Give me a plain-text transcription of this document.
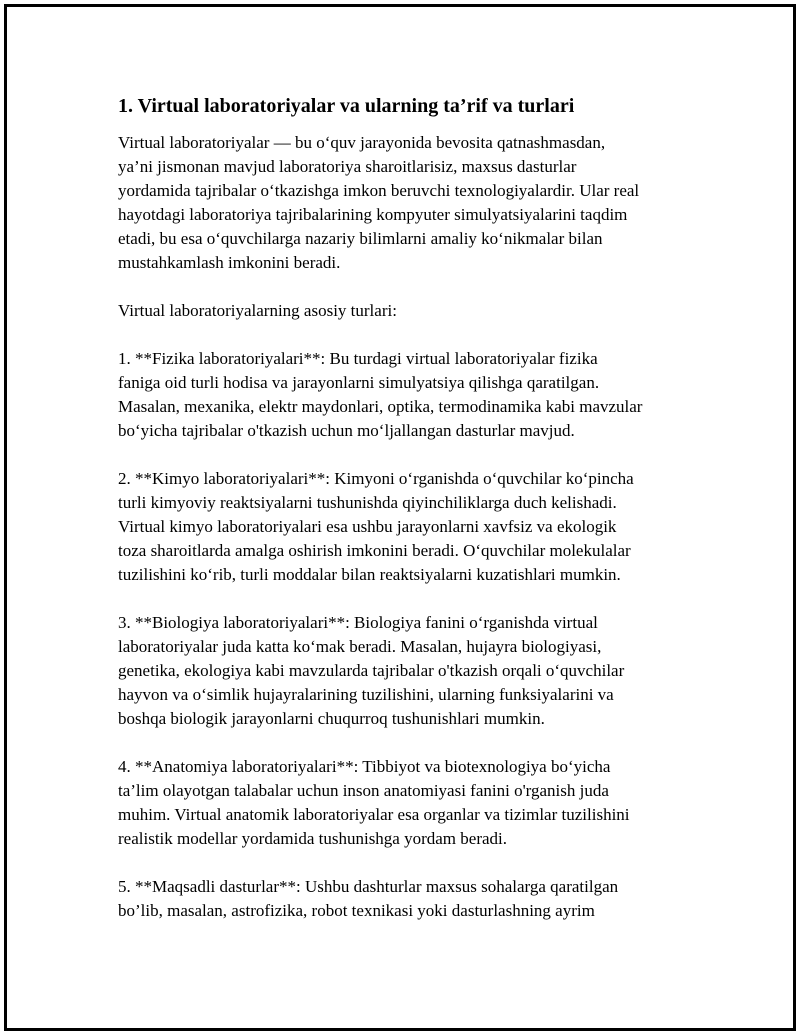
1. Virtual laboratoriyalar va ularning ta’rif va turlari
Virtual laboratoriyalar — bu o‘quv jarayonida bevosita qatnashmasdan,
ya’ni jismonan mavjud laboratoriya sharoitlarisiz, maxsus dasturlar
yordamida tajribalar o‘tkazishga imkon beruvchi texnologiyalardir. Ular real
hayotdagi laboratoriya tajribalarining kompyuter simulyatsiyalarini taqdim
etadi, bu esa o‘quvchilarga nazariy bilimlarni amaliy ko‘nikmalar bilan
mustahkamlash imkonini beradi.
Virtual laboratoriyalarning asosiy turlari:
1. **Fizika laboratoriyalari**: Bu turdagi virtual laboratoriyalar fizika
faniga oid turli hodisa va jarayonlarni simulyatsiya qilishga qaratilgan.
Masalan, mexanika, elektr maydonlari, optika, termodinamika kabi mavzular
bo‘yicha tajribalar o'tkazish uchun mo‘ljallangan dasturlar mavjud.
2. **Kimyo laboratoriyalari**: Kimyoni o‘rganishda o‘quvchilar ko‘pincha
turli kimyoviy reaktsiyalarni tushunishda qiyinchiliklarga duch kelishadi.
Virtual kimyo laboratoriyalari esa ushbu jarayonlarni xavfsiz va ekologik
toza sharoitlarda amalga oshirish imkonini beradi. O‘quvchilar molekulalar
tuzilishini ko‘rib, turli moddalar bilan reaktsiyalarni kuzatishlari mumkin.
3. **Biologiya laboratoriyalari**: Biologiya fanini o‘rganishda virtual
laboratoriyalar juda katta ko‘mak beradi. Masalan, hujayra biologiyasi,
genetika, ekologiya kabi mavzularda tajribalar o'tkazish orqali o‘quvchilar
hayvon va o‘simlik hujayralarining tuzilishini, ularning funksiyalarini va
boshqa biologik jarayonlarni chuqurroq tushunishlari mumkin.
4. **Anatomiya laboratoriyalari**: Tibbiyot va biotexnologiya bo‘yicha
ta’lim olayotgan talabalar uchun inson anatomiyasi fanini o'rganish juda
muhim. Virtual anatomik laboratoriyalar esa organlar va tizimlar tuzilishini
realistik modellar yordamida tushunishga yordam beradi.
5. **Maqsadli dasturlar**: Ushbu dashturlar maxsus sohalarga qaratilgan
bo’lib, masalan, astrofizika, robot texnikasi yoki dasturlashning ayrim
